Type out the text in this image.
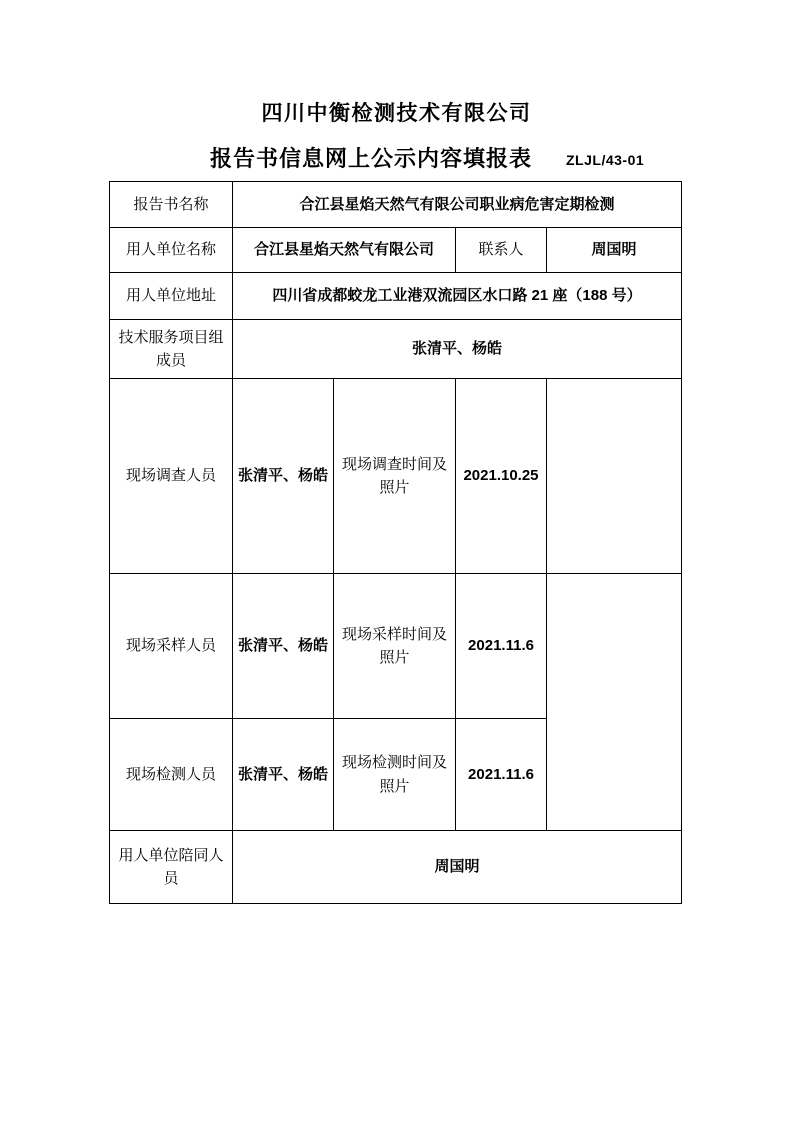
四川中衡检测技术有限公司
报告书信息网上公示内容填报表 ZLJL/43-01
报告书名称	合江县星焰天然气有限公司职业病危害定期检测			
用人单位名称	合江县星焰天然气有限公司		联系人	周国明
用人单位地址	四川省成都蛟龙工业港双流园区水口路 21 座（188 号）			
技术服务项目组成员	张清平、杨皓			
现场调查人员	张清平、杨皓	现场调查时间及照片	2021.10.25	
现场采样人员	张清平、杨皓	现场采样时间及照片	2021.11.6	
现场检测人员	张清平、杨皓	现场检测时间及照片	2021.11.6	
用人单位陪同人员	周国明			
